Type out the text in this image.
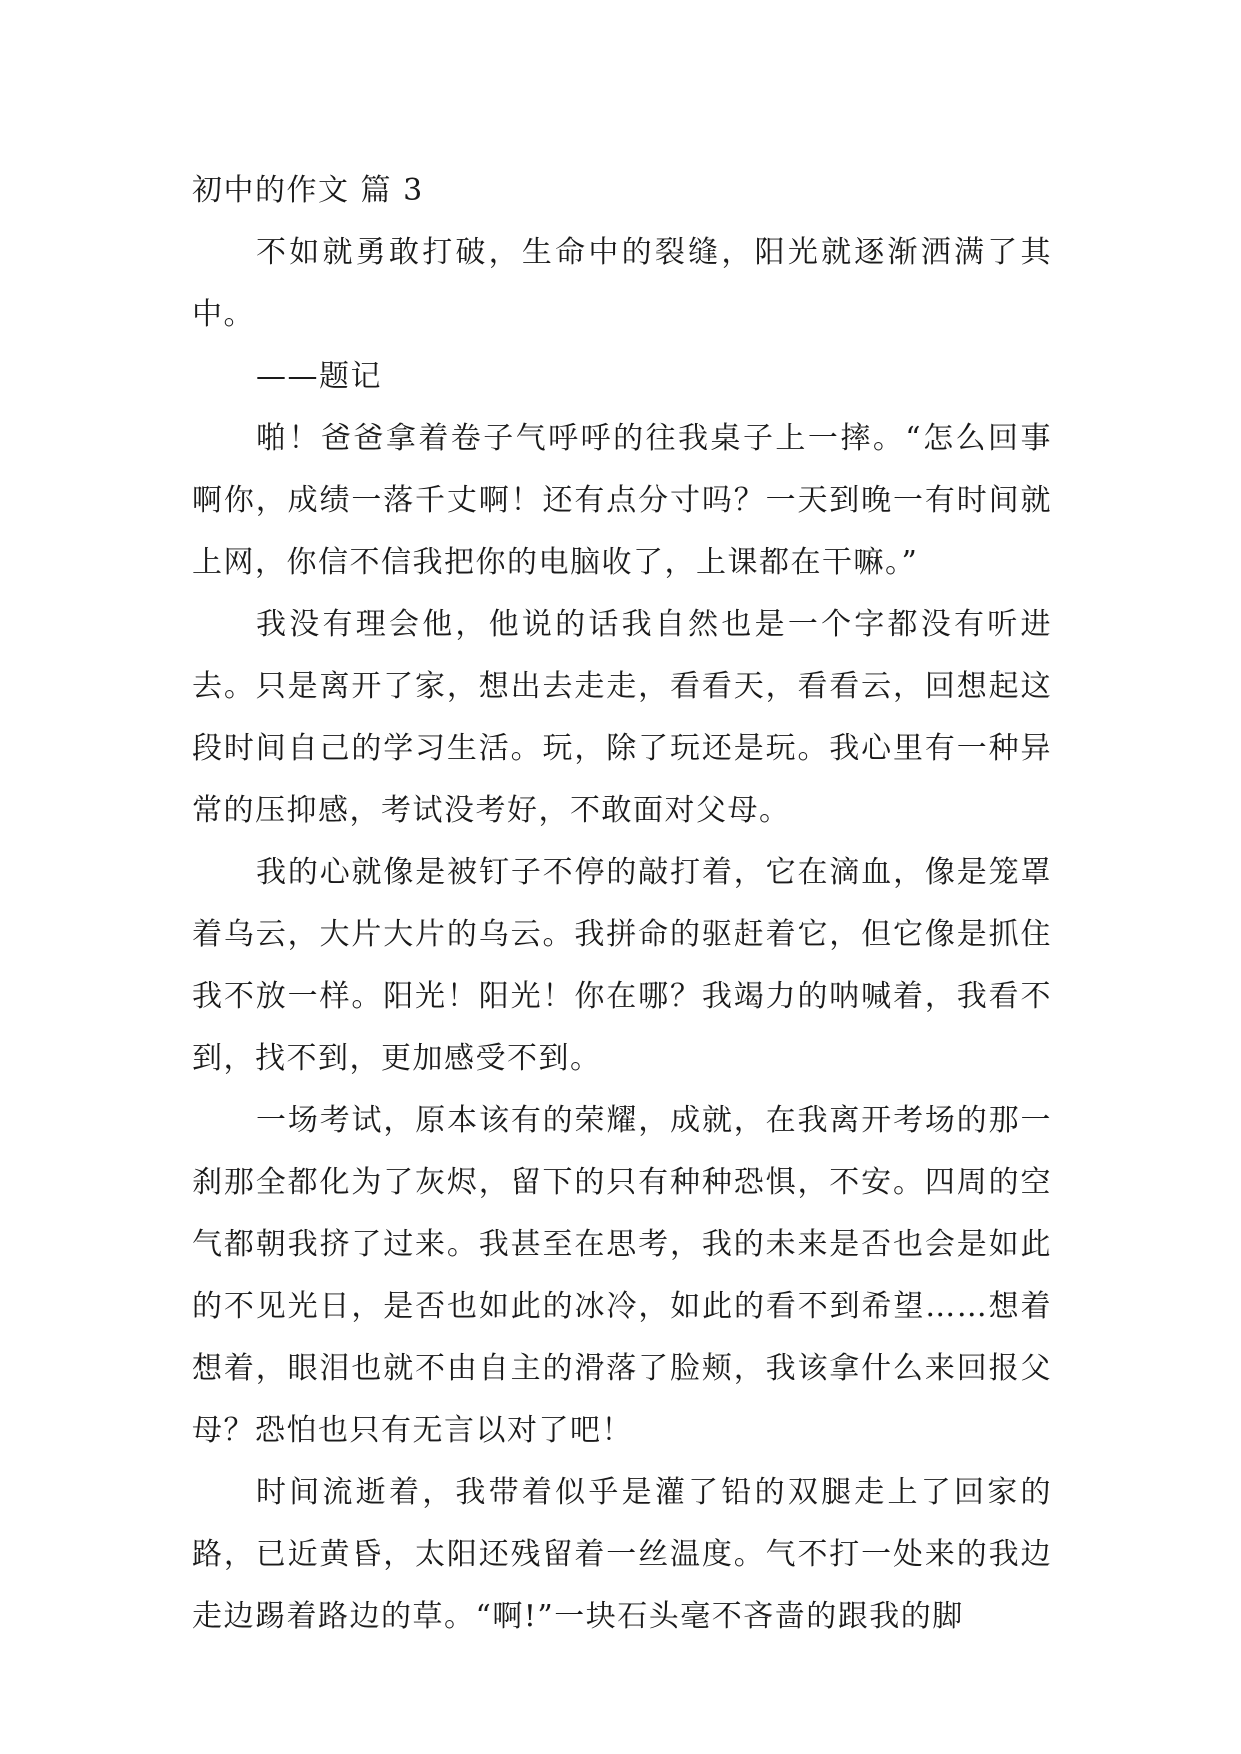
初中的作文 篇 3

不如就勇敢打破，生命中的裂缝，阳光就逐渐洒满了其中。

——题记

啪！爸爸拿着卷子气呼呼的往我桌子上一摔。“怎么回事啊你，成绩一落千丈啊！还有点分寸吗？一天到晚一有时间就上网，你信不信我把你的电脑收了，上课都在干嘛。”

我没有理会他，他说的话我自然也是一个字都没有听进去。只是离开了家，想出去走走，看看天，看看云，回想起这段时间自己的学习生活。玩，除了玩还是玩。我心里有一种异常的压抑感，考试没考好，不敢面对父母。

我的心就像是被钉子不停的敲打着，它在滴血，像是笼罩着乌云，大片大片的乌云。我拼命的驱赶着它，但它像是抓住我不放一样。阳光！阳光！你在哪？我竭力的呐喊着，我看不到，找不到，更加感受不到。

一场考试，原本该有的荣耀，成就，在我离开考场的那一刹那全都化为了灰烬，留下的只有种种恐惧，不安。四周的空气都朝我挤了过来。我甚至在思考，我的未来是否也会是如此的不见光日，是否也如此的冰冷，如此的看不到希望……想着想着，眼泪也就不由自主的滑落了脸颊，我该拿什么来回报父母？恐怕也只有无言以对了吧！

时间流逝着，我带着似乎是灌了铅的双腿走上了回家的路，已近黄昏，太阳还残留着一丝温度。气不打一处来的我边走边踢着路边的草。“啊!”一块石头毫不吝啬的跟我的脚
